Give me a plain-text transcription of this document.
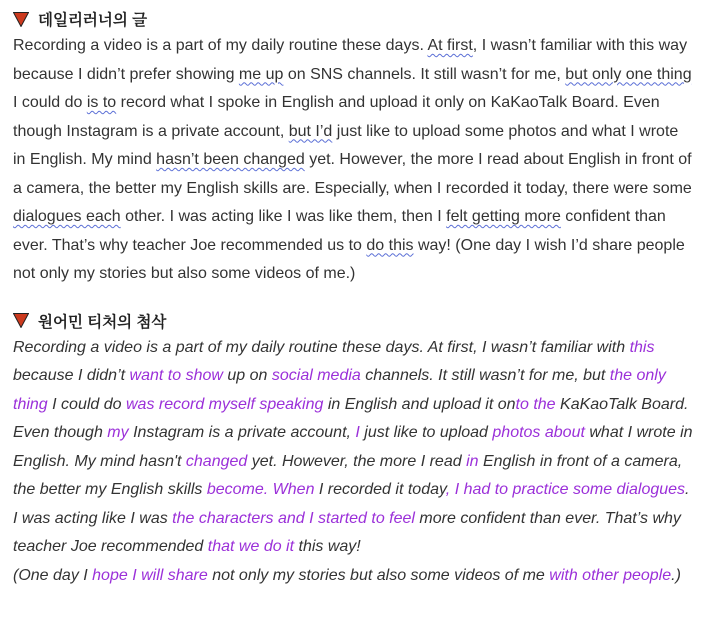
데일리러너의 글

Recording a video is a part of my daily routine these days. At first, I wasn’t familiar with this way because I didn’t prefer showing me up on SNS channels. It still wasn’t for me, but only one thing I could do is to record what I spoke in English and upload it only on KaKaoTalk Board. Even though Instagram is a private account, but I’d just like to upload some photos and what I wrote in English. My mind hasn’t been changed yet. However, the more I read about English in front of a camera, the better my English skills are. Especially, when I recorded it today, there were some dialogues each other. I was acting like I was like them, then I felt getting more confident than ever. That’s why teacher Joe recommended us to do this way! (One day I wish I’d share people not only my stories but also some videos of me.)

원어민 티처의 첨삭

Recording a video is a part of my daily routine these days. At first, I wasn’t familiar with this because I didn’t want to show up on social media channels. It still wasn’t for me, but the only thing I could do was record myself speaking in English and upload it onto the KaKaoTalk Board. Even though my Instagram is a private account, I just like to upload photos about what I wrote in English. My mind hasn't changed yet. However, the more I read in English in front of a camera, the better my English skills become. When I recorded it today, I had to practice some dialogues. I was acting like I was the characters and I started to feel more confident than ever. That’s why teacher Joe recommended that we do it this way!
(One day I hope I will share not only my stories but also some videos of me with other people.)
